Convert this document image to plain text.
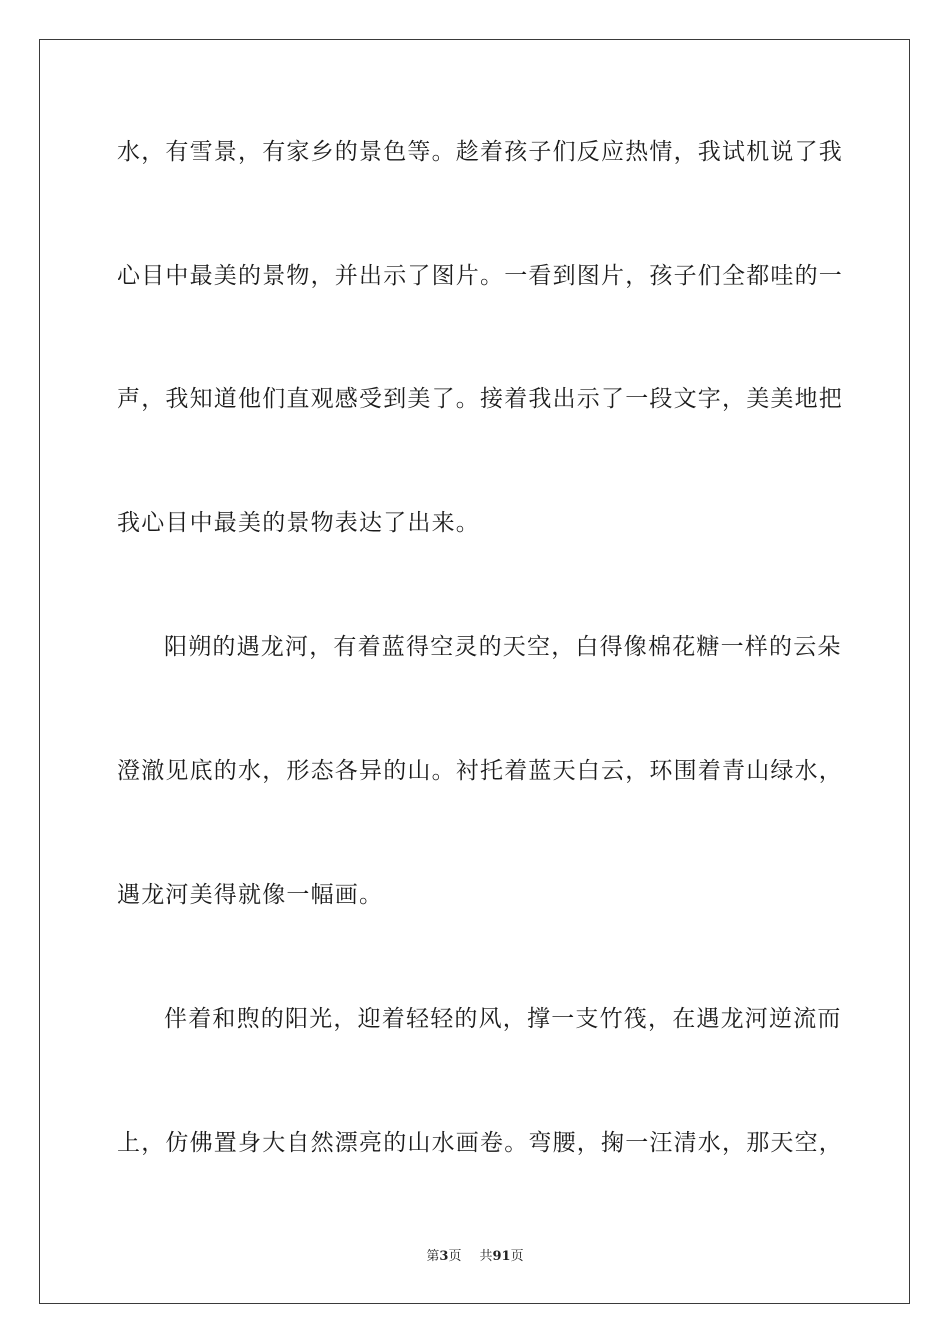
水，有雪景，有家乡的景色等。趁着孩子们反应热情，我试机说了我
心目中最美的景物，并出示了图片。一看到图片，孩子们全都哇的一
声，我知道他们直观感受到美了。接着我出示了一段文字，美美地把
我心目中最美的景物表达了出来。
阳朔的遇龙河，有着蓝得空灵的天空，白得像棉花糖一样的云朵
澄澈见底的水，形态各异的山。衬托着蓝天白云，环围着青山绿水，
遇龙河美得就像一幅画。
伴着和煦的阳光，迎着轻轻的风，撑一支竹筏，在遇龙河逆流而
上，仿佛置身大自然漂亮的山水画卷。弯腰，掬一汪清水，那天空，
第3页 共91页
